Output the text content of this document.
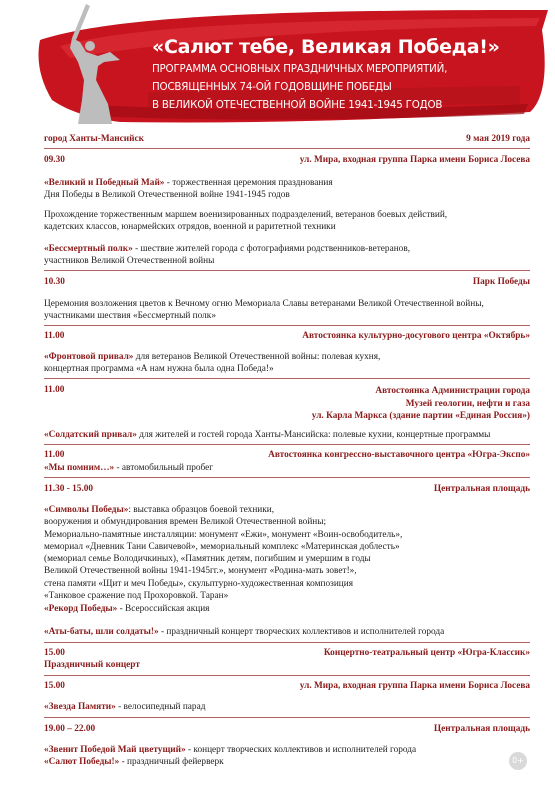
«Салют тебе, Великая Победа!»
ПРОГРАММА ОСНОВНЫХ ПРАЗДНИЧНЫХ МЕРОПРИЯТИЙ,
ПОСВЯЩЕННЫХ 74-ОЙ ГОДОВЩИНЕ ПОБЕДЫ
В ВЕЛИКОЙ ОТЕЧЕСТВЕННОЙ ВОЙНЕ 1941-1945 ГОДОВ
город Ханты-Мансийск	9 мая 2019 года
09.30	ул. Мира, входная группа Парка имени Бориса Лосева
«Великий и Победный Май» - торжественная церемония празднования
Дня Победы в Великой Отечественной войне 1941-1945 годов
Прохождение торжественным маршем военизированных подразделений, ветеранов боевых действий,
кадетских классов, юнармейских отрядов, военной и раритетной техники
«Бессмертный полк» - шествие жителей города с фотографиями родственников-ветеранов,
участников Великой Отечественной войны
10.30	Парк Победы
Церемония возложения цветов к Вечному огню Мемориала Славы ветеранами Великой Отечественной войны,
участниками шествия «Бессмертный полк»
11.00	Автостоянка культурно-досугового центра «Октябрь»
«Фронтовой привал» для ветеранов Великой Отечественной войны: полевая кухня,
концертная программа «А нам нужна была одна Победа!»
11.00	Автостоянка Администрации города
Музей геологии, нефти и газа
ул. Карла Маркса (здание партии «Единая Россия»)
«Солдатский привал» для жителей и гостей города Ханты-Мансийска: полевые кухни, концертные программы
11.00	Автостоянка конгрессно-выставочного центра «Югра-Экспо»
«Мы помним…» - автомобильный пробег
11.30 - 15.00	Центральная площадь
«Символы Победы»: выставка образцов боевой техники,
вооружения и обмундирования времен Великой Отечественной войны;
Мемориально-памятные инсталляции: монумент «Ежи», монумент «Воин-освободитель»,
мемориал «Дневник Тани Савичевой», мемориальный комплекс «Материнская доблесть»
(мемориал семье Володичкиных), «Памятник детям, погибшим и умершим в годы
Великой Отечественной войны 1941-1945гг.», монумент «Родина-мать зовет!»,
стена памяти «Щит и меч Победы», скульптурно-художественная композиция
«Танковое сражение под Прохоровкой. Таран»
«Рекорд Победы» - Всероссийская акция
«Аты-баты, шли солдаты!» - праздничный концерт творческих коллективов и исполнителей города
15.00	Концертно-театральный центр «Югра-Классик»
Праздничный концерт
15.00	ул. Мира, входная группа Парка имени Бориса Лосева
«Звезда Памяти» - велосипедный парад
19.00 – 22.00	Центральная площадь
«Звенит Победой Май цветущий» - концерт творческих коллективов и исполнителей города
«Салют Победы!» - праздничный фейерверк	0+
